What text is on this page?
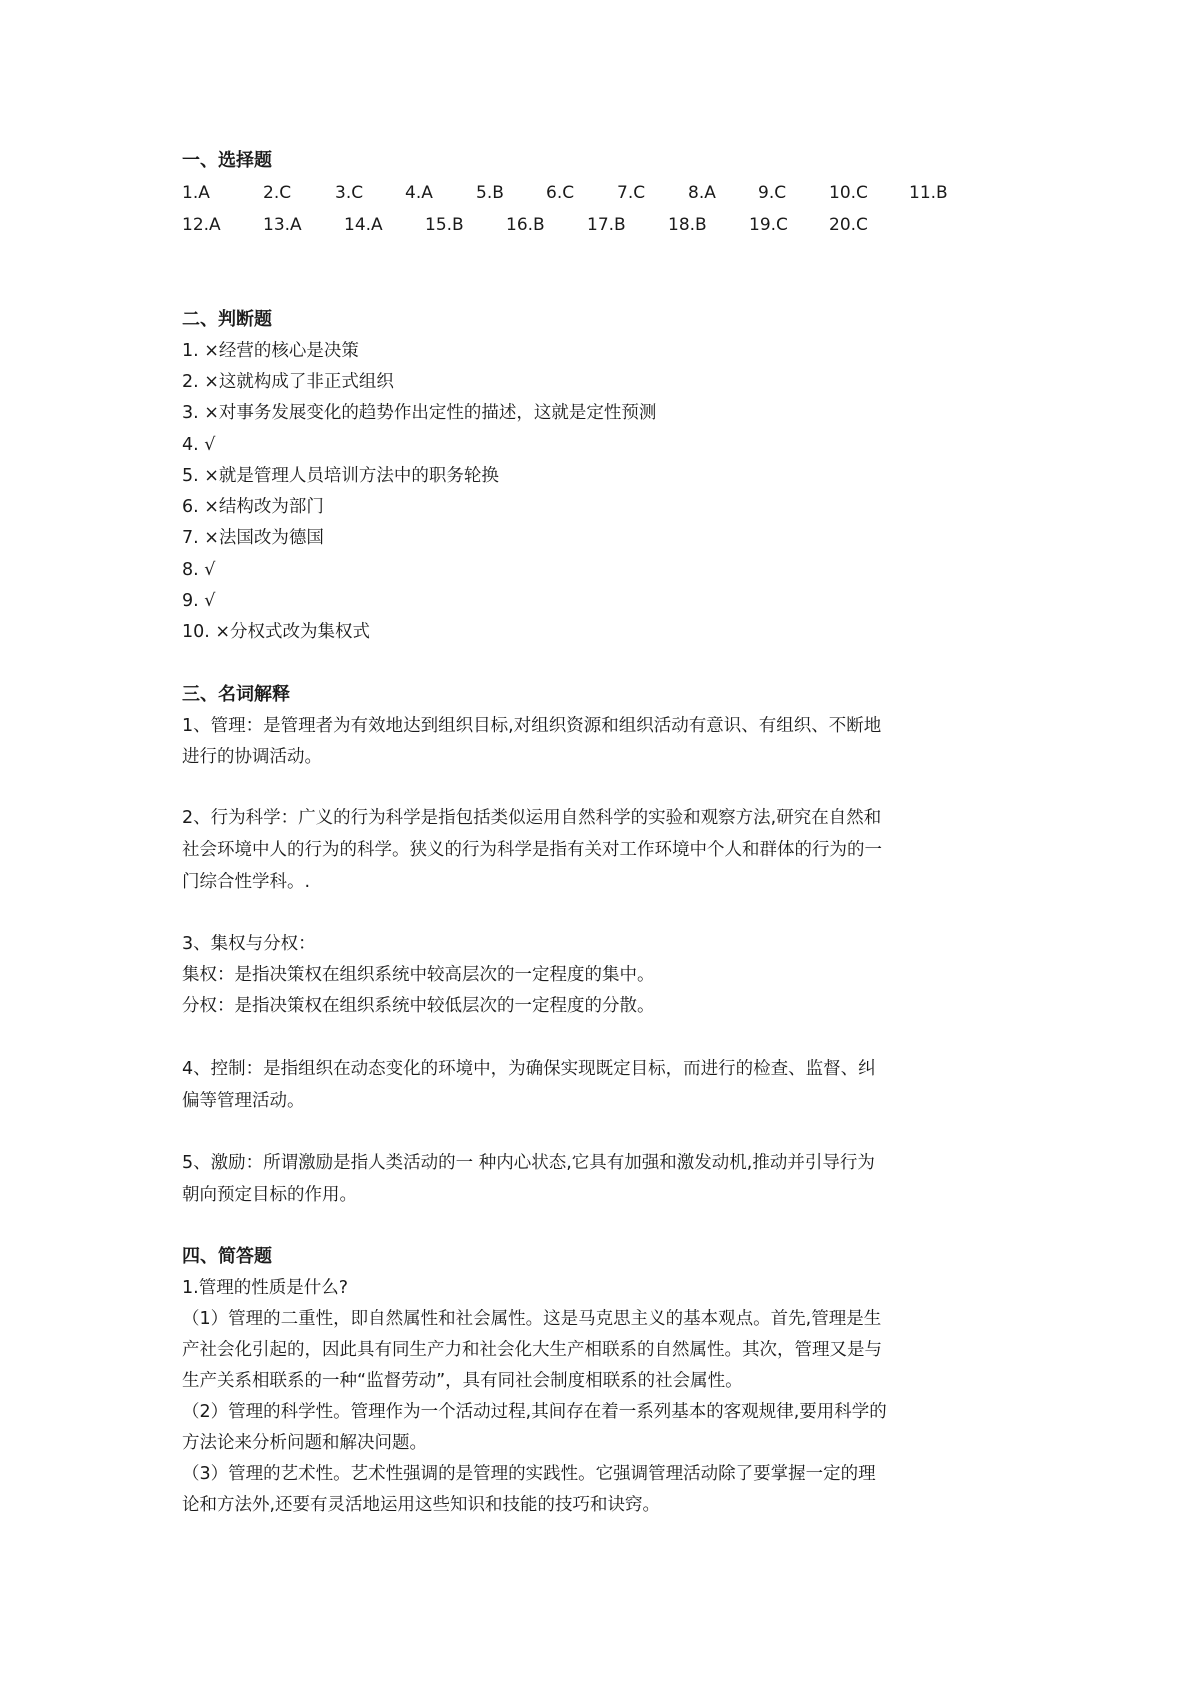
一、选择题
1.A	2.C	3.C 4.A	5.B 6.C	7.C	8.A 9.C	10.C 11.B
12.A 13.A 14.A 15.B 16.B 17.B 18.B 19.C 20.C
二、判断题
1. ×经营的核心是决策
2. ×这就构成了非正式组织
3. ×对事务发展变化的趋势作出定性的描述，这就是定性预测
4. √
5. ×就是管理人员培训方法中的职务轮换
6. ×结构改为部门
7. ×法国改为德国
8. √
9. √
10. ×分权式改为集权式
三、名词解释
1、管理：是管理者为有效地达到组织目标,对组织资源和组织活动有意识、有组织、不断地
进行的协调活动。
2、行为科学：广义的行为科学是指包括类似运用自然科学的实验和观察方法,研究在自然和
社会环境中人的行为的科学。狭义的行为科学是指有关对工作环境中个人和群体的行为的一
门综合性学科。.
3、集权与分权：
集权：是指决策权在组织系统中较高层次的一定程度的集中。
分权：是指决策权在组织系统中较低层次的一定程度的分散。
4、控制：是指组织在动态变化的环境中，为确保实现既定目标，而进行的检查、监督、纠
偏等管理活动。
5、激励：所谓激励是指人类活动的一 种内心状态,它具有加强和激发动机,推动并引导行为
朝向预定目标的作用。
四、简答题
1.管理的性质是什么?
（1）管理的二重性，即自然属性和社会属性。这是马克思主义的基本观点。首先,管理是生
产社会化引起的，因此具有同生产力和社会化大生产相联系的自然属性。其次，管理又是与
生产关系相联系的一种“监督劳动”，具有同社会制度相联系的社会属性。
（2）管理的科学性。管理作为一个活动过程,其间存在着一系列基本的客观规律,要用科学的
方法论来分析问题和解决问题。
（3）管理的艺术性。艺术性强调的是管理的实践性。它强调管理活动除了要掌握一定的理
论和方法外,还要有灵活地运用这些知识和技能的技巧和诀窍。
